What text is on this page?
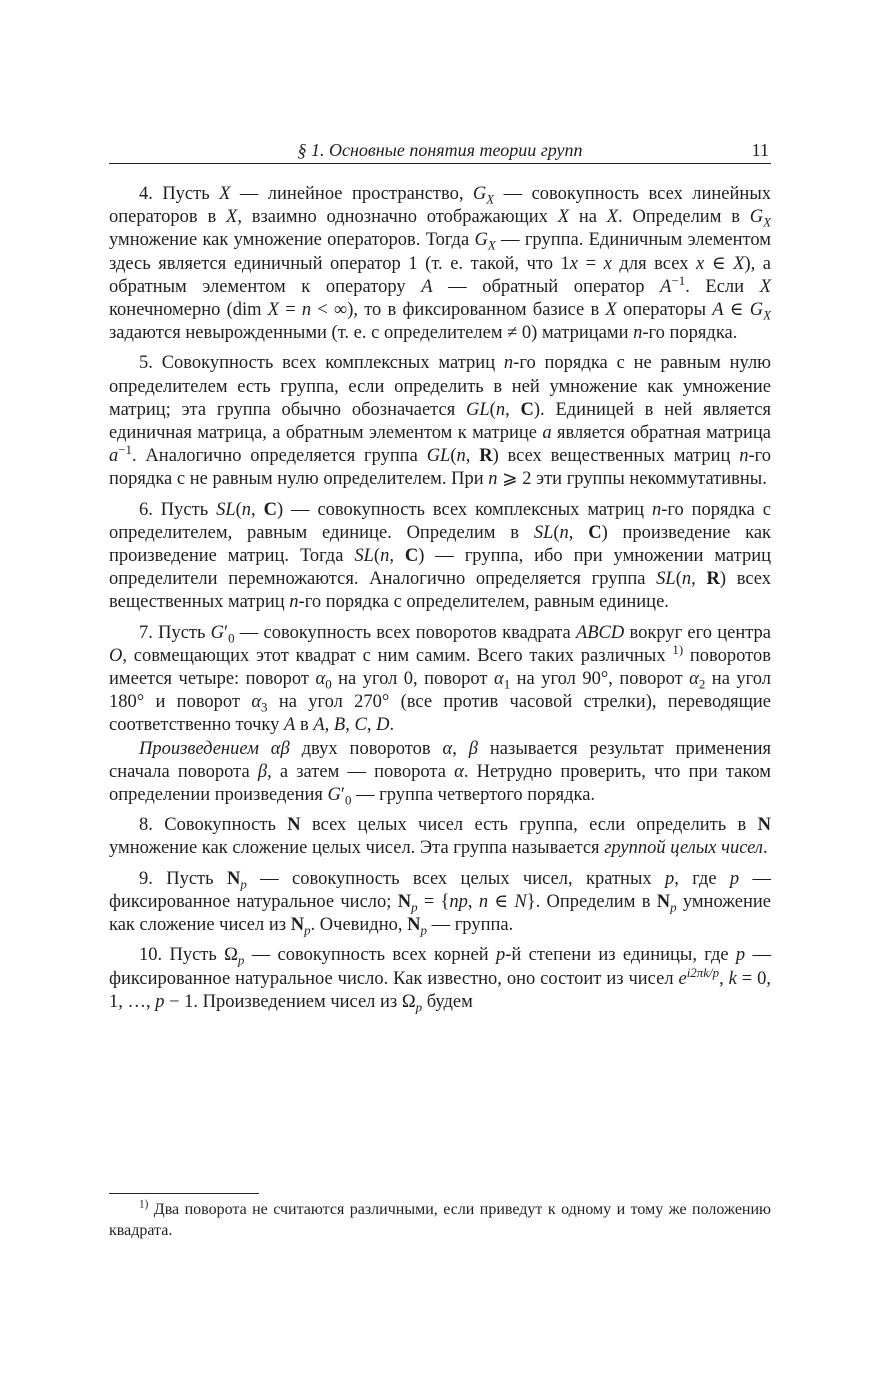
§ 1. Основные понятия теории групп	11

4. Пусть X — линейное пространство, $G_X$ — совокупность всех линейных операторов в X, взаимно однозначно отображающих X на X. Определим в $G_X$ умножение как умножение операторов. Тогда $G_X$ — группа. Единичным элементом здесь является единичный оператор 1 (т. е. такой, что 1x = x для всех x ∈ X), а обратным элементом к оператору A — обратный оператор $A^{-1}$. Если X конечномерно (dim X = n < ∞), то в фиксированном базисе в X операторы A ∈ $G_X$ задаются невырожденными (т. е. с определителем ≠ 0) матрицами n-го порядка.

5. Совокупность всех комплексных матриц n-го порядка с не равным нулю определителем есть группа, если определить в ней умножение как умножение матриц; эта группа обычно обозначается GL(n, C). Единицей в ней является единичная матрица, а обратным элементом к матрице a является обратная матрица $a^{-1}$. Аналогично определяется группа GL(n, R) всех вещественных матриц n-го порядка с не равным нулю определителем. При n ⩾ 2 эти группы некоммутативны.

6. Пусть SL(n, C) — совокупность всех комплексных матриц n-го порядка с определителем, равным единице. Определим в SL(n, C) произведение как произведение матриц. Тогда SL(n, C) — группа, ибо при умножении матриц определители перемножаются. Аналогично определяется группа SL(n, R) всех вещественных матриц n-го порядка с определителем, равным единице.

7. Пусть $G'_0$ — совокупность всех поворотов квадрата ABCD вокруг его центра O, совмещающих этот квадрат с ним самим. Всего таких различных $^{1)}$ поворотов имеется четыре: поворот $\alpha_0$ на угол 0, поворот $\alpha_1$ на угол 90°, поворот $\alpha_2$ на угол 180° и поворот $\alpha_3$ на угол 270° (все против часовой стрелки), переводящие соответственно точку A в A, B, C, D.

Произведением αβ двух поворотов α, β называется результат применения сначала поворота β, а затем — поворота α. Нетрудно проверить, что при таком определении произведения $G'_0$ — группа четвертого порядка.

8. Совокупность N всех целых чисел есть группа, если определить в N умножение как сложение целых чисел. Эта группа называется группой целых чисел.

9. Пусть $N_p$ — совокупность всех целых чисел, кратных p, где p — фиксированное натуральное число; $N_p = \{np$, n ∈ N}. Определим в $N_p$ умножение как сложение чисел из $N_p$. Очевидно, $N_p$ — группа.

10. Пусть $\Omega_p$ — совокупность всех корней p-й степени из единицы, где p — фиксированное натуральное число. Как известно, оно состоит из чисел $e^{i2\pi k/p}$, k = 0, 1, …, p − 1. Произведением чисел из $\Omega_p$ будем

$^{1)}$ Два поворота не считаются различными, если приведут к одному и тому же положению квадрата.
